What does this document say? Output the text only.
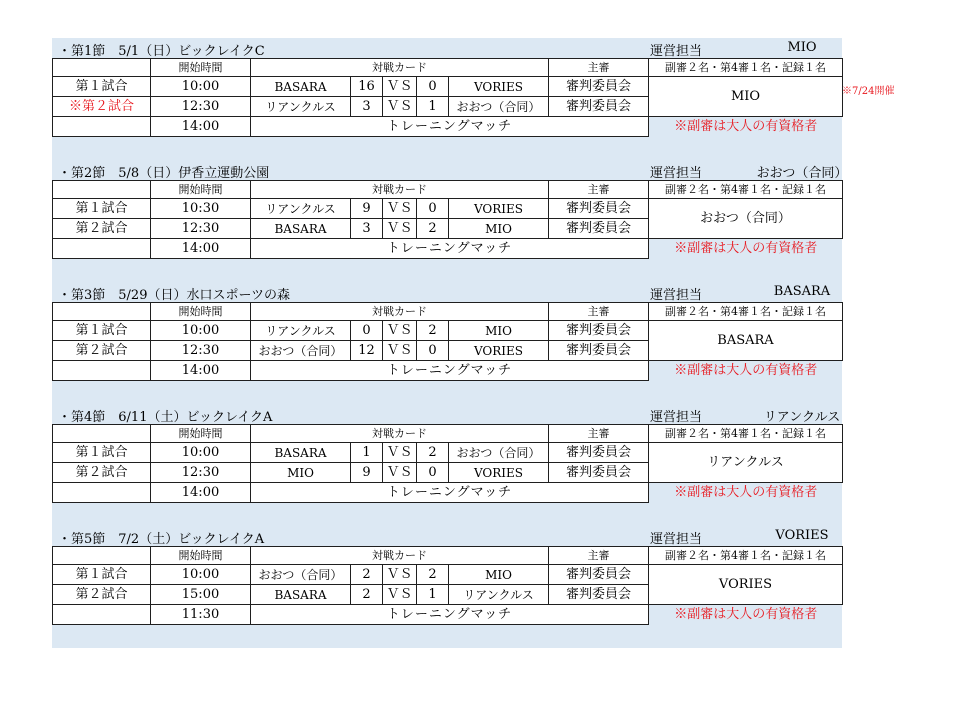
・第1節　5/1（日）ビックレイクC	運営担当	MIO
	開始時間	対戦カード					主審	副審２名・第4審１名・記録１名
第１試合	10:00	BASARA	16	ＶＳ	0	VORIES	審判委員会	MIO
※第２試合	12:30	リアンクルス	3	ＶＳ	1	おおつ（合同）	審判委員会	
	14:00	トレーニングマッチ						※副審は大人の有資格者
※7/24開催
・第2節　5/8（日）伊香立運動公園	運営担当	おおつ（合同）
	開始時間	対戦カード					主審	副審２名・第4審１名・記録１名
第１試合	10:30	リアンクルス	9	ＶＳ	0	VORIES	審判委員会	おおつ（合同）
第２試合	12:30	BASARA	3	ＶＳ	2	MIO	審判委員会	
	14:00	トレーニングマッチ						※副審は大人の有資格者
・第3節　5/29（日）水口スポーツの森	運営担当	BASARA
	開始時間	対戦カード					主審	副審２名・第4審１名・記録１名
第１試合	10:00	リアンクルス	0	ＶＳ	2	MIO	審判委員会	BASARA
第２試合	12:30	おおつ（合同）	12	ＶＳ	0	VORIES	審判委員会	
	14:00	トレーニングマッチ						※副審は大人の有資格者
・第4節　6/11（土）ビックレイクA	運営担当	リアンクルス
	開始時間	対戦カード					主審	副審２名・第4審１名・記録１名
第１試合	10:00	BASARA	1	ＶＳ	2	おおつ（合同）	審判委員会	リアンクルス
第２試合	12:30	MIO	9	ＶＳ	0	VORIES	審判委員会	
	14:00	トレーニングマッチ						※副審は大人の有資格者
・第5節　7/2（土）ビックレイクA	運営担当	VORIES
	開始時間	対戦カード					主審	副審２名・第4審１名・記録１名
第１試合	10:00	おおつ（合同）	2	ＶＳ	2	MIO	審判委員会	VORIES
第２試合	15:00	BASARA	2	ＶＳ	1	リアンクルス	審判委員会	
	11:30	トレーニングマッチ						※副審は大人の有資格者
